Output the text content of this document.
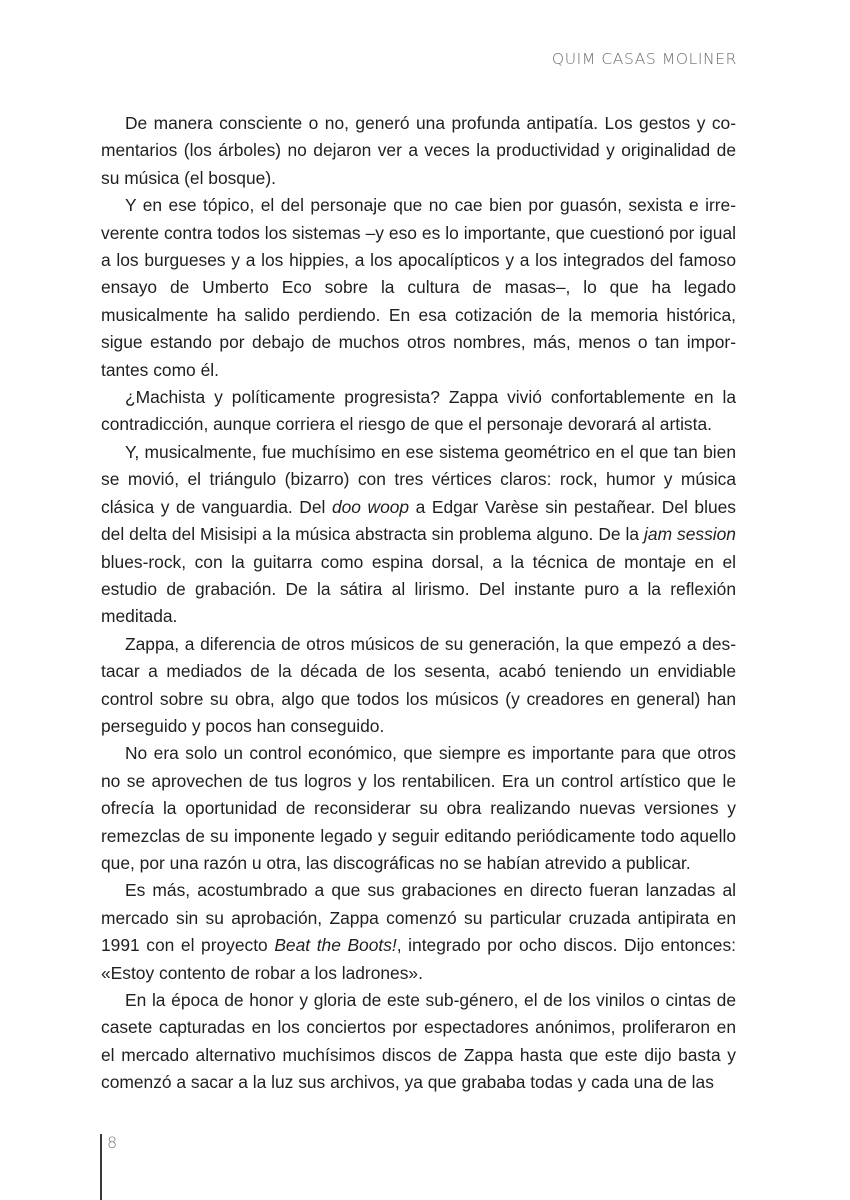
QUIM CASAS MOLINER

De manera consciente o no, generó una profunda antipatía. Los gestos y comentarios (los árboles) no dejaron ver a veces la productividad y originalidad de su música (el bosque).

Y en ese tópico, el del personaje que no cae bien por guasón, sexista e irreverente contra todos los sistemas –y eso es lo importante, que cuestionó por igual a los burgueses y a los hippies, a los apocalípticos y a los integrados del famoso ensayo de Umberto Eco sobre la cultura de masas–, lo que ha legado musicalmente ha salido perdiendo. En esa cotización de la memoria histórica, sigue estando por debajo de muchos otros nombres, más, menos o tan importantes como él.

¿Machista y políticamente progresista? Zappa vivió confortablemente en la contradicción, aunque corriera el riesgo de que el personaje devorará al artista.

Y, musicalmente, fue muchísimo en ese sistema geométrico en el que tan bien se movió, el triángulo (bizarro) con tres vértices claros: rock, humor y música clásica y de vanguardia. Del doo woop a Edgar Varèse sin pestañear. Del blues del delta del Misisipi a la música abstracta sin problema alguno. De la jam session blues-rock, con la guitarra como espina dorsal, a la técnica de montaje en el estudio de grabación. De la sátira al lirismo. Del instante puro a la reflexión meditada.

Zappa, a diferencia de otros músicos de su generación, la que empezó a destacar a mediados de la década de los sesenta, acabó teniendo un envidiable control sobre su obra, algo que todos los músicos (y creadores en general) han perseguido y pocos han conseguido.

No era solo un control económico, que siempre es importante para que otros no se aprovechen de tus logros y los rentabilicen. Era un control artístico que le ofrecía la oportunidad de reconsiderar su obra realizando nuevas versiones y remezclas de su imponente legado y seguir editando periódicamente todo aquello que, por una razón u otra, las discográficas no se habían atrevido a publicar.

Es más, acostumbrado a que sus grabaciones en directo fueran lanzadas al mercado sin su aprobación, Zappa comenzó su particular cruzada antipirata en 1991 con el proyecto Beat the Boots!, integrado por ocho discos. Dijo entonces: «Estoy contento de robar a los ladrones».

En la época de honor y gloria de este sub-género, el de los vinilos o cintas de casete capturadas en los conciertos por espectadores anónimos, proliferaron en el mercado alternativo muchísimos discos de Zappa hasta que este dijo basta y comenzó a sacar a la luz sus archivos, ya que grababa todas y cada una de las

8
